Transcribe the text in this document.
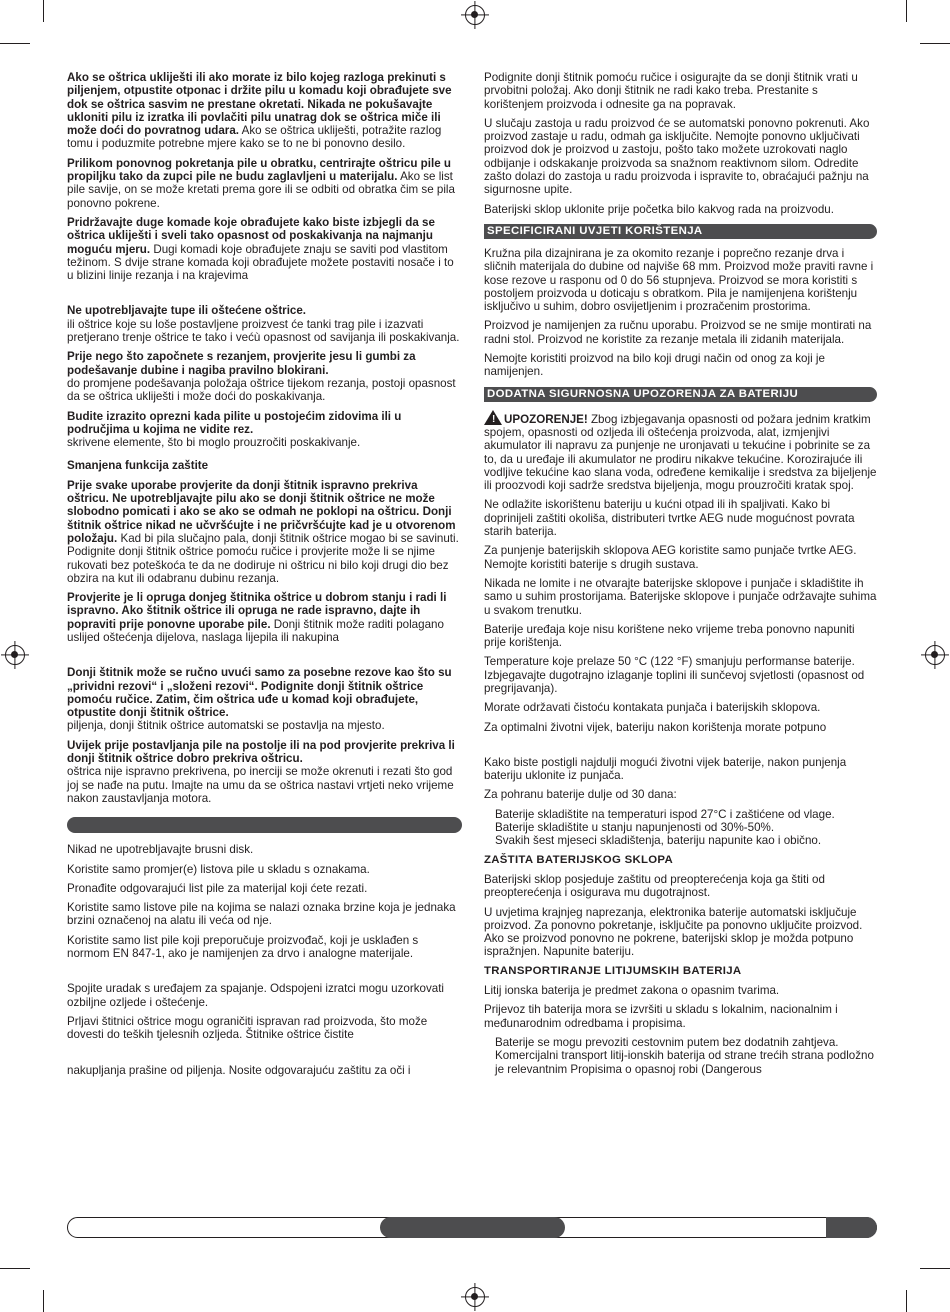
Ako se oštrica ukliješti ili ako morate iz bilo kojeg razloga prekinuti s piljenjem, otpustite otponac i držite pilu u komadu koji obrađujete sve dok se oštrica sasvim ne prestane okretati. Nikada ne pokušavajte ukloniti pilu iz izratka ili povlačiti pilu unatrag dok se oštrica miče ili može doći do povratnog udara. Ako se oštrica ukliješti, potražite razlog tomu i poduzmite potrebne mjere kako se to ne bi ponovno desilo.

Prilikom ponovnog pokretanja pile u obratku, centrirajte oštricu pile u propiljku tako da zupci pile ne budu zaglavljeni u materijalu. Ako se list pile savije, on se može kretati prema gore ili se odbiti od obratka čim se pila ponovno pokrene.

Pridržavajte duge komade koje obrađujete kako biste izbjegli da se oštrica ukliješti i sveli tako opasnost od poskakivanja na najmanju moguću mjeru. Dugi komadi koje obrađujete znaju se saviti pod vlastitom težinom. S dvije strane komada koji obrađujete možete postaviti nosače i to u blizini linije rezanja i na krajevima

Ne upotrebljavajte tupe ili oštećene oštrice.
ili oštrice koje su loše postavljene proizvest će tanki trag pile i izazvati pretjerano trenje oštrice te tako i većù opasnost od savijanja ili poskakivanja.

Prije nego što započnete s rezanjem, provjerite jesu li gumbi za podešavanje dubine i nagiba pravilno blokirani.
do promjene podešavanja položaja oštrice tijekom rezanja, postoji opasnost da se oštrica ukliješti i može doći do poskakivanja.

Budite izrazito oprezni kada pilite u postojećim zidovima ili u područjima u kojima ne vidite rez.
skrivene elemente, što bi moglo prouzročiti poskakivanje.

Smanjena funkcija zaštite

Prije svake uporabe provjerite da donji štitnik ispravno prekriva oštricu. Ne upotrebljavajte pilu ako se donji štitnik oštrice ne može slobodno pomicati i ako se ako se odmah ne poklopi na oštricu. Donji štitnik oštrice nikad ne učvršćujte i ne pričvršćujte kad je u otvorenom položaju. Kad bi pila slučajno pala, donji štitnik oštrice mogao bi se savinuti. Podignite donji štitnik oštrice pomoću ručice i provjerite može li se njime rukovati bez poteškoća te da ne dodiruje ni oštricu ni bilo koji drugi dio bez obzira na kut ili odabranu dubinu rezanja.

Provjerite je li opruga donjeg štitnika oštrice u dobrom stanju i radi li ispravno. Ako štitnik oštrice ili opruga ne rade ispravno, dajte ih popraviti prije ponovne uporabe pile. Donji štitnik može raditi polagano uslijed oštećenja dijelova, naslaga lijepila ili nakupina

Donji štitnik može se ručno uvući samo za posebne rezove kao što su „prividni rezovi“ i „složeni rezovi“. Podignite donji štitnik oštrice pomoću ručice. Zatim, čim oštrica uđe u komad koji obrađujete, otpustite donji štitnik oštrice.
piljenja, donji štitnik oštrice automatski se postavlja na mjesto.

Uvijek prije postavljanja pile na postolje ili na pod provjerite prekriva li donji štitnik oštrice dobro prekriva oštricu.
oštrica nije ispravno prekrivena, po inerciji se može okrenuti i rezati što god joj se nađe na putu. Imajte na umu da se oštrica nastavi vrtjeti neko vrijeme nakon zaustavljanja motora.

Nikad ne upotrebljavajte brusni disk.

Koristite samo promjer(e) listova pile u skladu s oznakama.

Pronađite odgovarajući list pile za materijal koji ćete rezati.

Koristite samo listove pile na kojima se nalazi oznaka brzine koja je jednaka brzini označenoj na alatu ili veća od nje.

Koristite samo list pile koji preporučuje proizvođač, koji je usklađen s normom EN 847-1, ako je namijenjen za drvo i analogne materijale.

Spojite uradak s uređajem za spajanje. Odspojeni izratci mogu uzorkovati ozbiljne ozljede i oštećenje.

Prljavi štitnici oštrice mogu ograničiti ispravan rad proizvoda, što može dovesti do teških tjelesnih ozljeda. Štitnike oštrice čistite

nakupljanja prašine od piljenja. Nosite odgovarajuću zaštitu za oči i

Podignite donji štitnik pomoću ručice i osigurajte da se donji štitnik vrati u prvobitni položaj. Ako donji štitnik ne radi kako treba. Prestanite s korištenjem proizvoda i odnesite ga na popravak.

U slučaju zastoja u radu proizvod će se automatski ponovno pokrenuti. Ako proizvod zastaje u radu, odmah ga isključite. Nemojte ponovno uključivati proizvod dok je proizvod u zastoju, pošto tako možete uzrokovati naglo odbijanje i odskakanje proizvoda sa snažnom reaktivnom silom. Odredite zašto dolazi do zastoja u radu proizvoda i ispravite to, obraćajući pažnju na sigurnosne upite.

Baterijski sklop uklonite prije početka bilo kakvog rada na proizvodu.

SPECIFICIRANI UVJETI KORIŠTENJA

Kružna pila dizajnirana je za okomito rezanje i poprečno rezanje drva i sličnih materijala do dubine od najviše 68 mm. Proizvod može praviti ravne i kose rezove u rasponu od 0 do 56 stupnjeva. Proizvod se mora koristiti s postoljem proizvoda u doticaju s obratkom. Pila je namijenjena korištenju isključivo u suhim, dobro osvijetljenim i prozračenim prostorima.

Proizvod je namijenjen za ručnu uporabu. Proizvod se ne smije montirati na radni stol. Proizvod ne koristite za rezanje metala ili zidanih materijala.

Nemojte koristiti proizvod na bilo koji drugi način od onog za koji je namijenjen.

DODATNA SIGURNOSNA UPOZORENJA ZA BATERIJU

! UPOZORENJE! Zbog izbjegavanja opasnosti od požara jednim kratkim spojem, opasnosti od ozljeda ili oštećenja proizvoda, alat, izmjenjivi akumulator ili napravu za punjenje ne uronjavati u tekućine i pobrinite se za to, da u uređaje ili akumulator ne prodiru nikakve tekućine. Korozirajuće ili vodljive tekućine kao slana voda, određene kemikalije i sredstva za bijeljenje ili proozvodi koji sadrže sredstva bijeljenja, mogu prouzročiti kratak spoj.

Ne odlažite iskorištenu bateriju u kućni otpad ili ih spaljivati. Kako bi doprinijeli zaštiti okoliša, distributeri tvrtke AEG nude mogućnost povrata starih baterija.

Za punjenje baterijskih sklopova AEG koristite samo punjače tvrtke AEG. Nemojte koristiti baterije s drugih sustava.

Nikada ne lomite i ne otvarajte baterijske sklopove i punjače i skladištite ih samo u suhim prostorijama. Baterijske sklopove i punjače održavajte suhima u svakom trenutku.

Baterije uređaja koje nisu korištene neko vrijeme treba ponovno napuniti prije korištenja.

Temperature koje prelaze 50 °C (122 °F) smanjuju performanse baterije. Izbjegavajte dugotrajno izlaganje toplini ili sunčevoj svjetlosti (opasnost od pregrijavanja).

Morate održavati čistoću kontakata punjača i baterijskih sklopova.

Za optimalni životni vijek, bateriju nakon korištenja morate potpuno

Kako biste postigli najdulji mogući životni vijek baterije, nakon punjenja bateriju uklonite iz punjača.

Za pohranu baterije dulje od 30 dana:

Baterije skladištite na temperaturi ispod 27°C i zaštićene od vlage.

Baterije skladištite u stanju napunjenosti od 30%-50%.

Svakih šest mjeseci skladištenja, bateriju napunite kao i obično.

ZAŠTITA BATERIJSKOG SKLOPA

Baterijski sklop posjeduje zaštitu od preopterećenja koja ga štiti od preopterećenja i osigurava mu dugotrajnost.

U uvjetima krajnjeg naprezanja, elektronika baterije automatski isključuje proizvod. Za ponovno pokretanje, isključite pa ponovno uključite proizvod. Ako se proizvod ponovno ne pokrene, baterijski sklop je možda potpuno ispražnjen. Napunite bateriju.

TRANSPORTIRANJE LITIJUMSKIH BATERIJA

Litij ionska baterija je predmet zakona o opasnim tvarima.

Prijevoz tih baterija mora se izvršiti u skladu s lokalnim, nacionalnim i međunarodnim odredbama i propisima.

Baterije se mogu prevoziti cestovnim putem bez dodatnih zahtjeva.

Komercijalni transport litij-ionskih baterija od strane trećih strana podložno je relevantnim Propisima o opasnoj robi (Dangerous
